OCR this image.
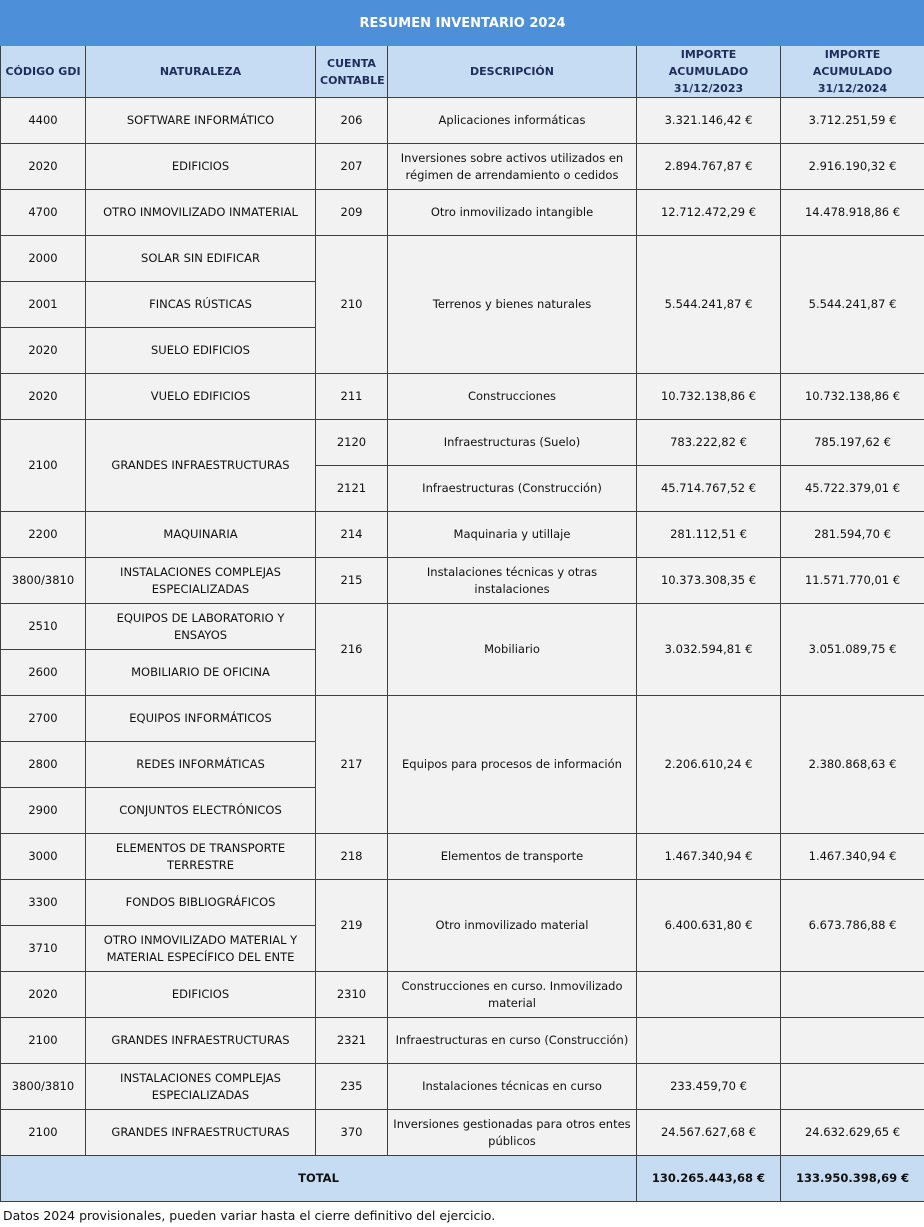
RESUMEN INVENTARIO 2024					
CÓDIGO GDI	NATURALEZA	CUENTA CONTABLE	DESCRIPCIÓN	IMPORTE ACUMULADO 31/12/2023	IMPORTE ACUMULADO 31/12/2024
4400	SOFTWARE INFORMÁTICO	206	Aplicaciones informáticas	3.321.146,42 €	3.712.251,59 €
2020	EDIFICIOS	207	Inversiones sobre activos utilizados en régimen de arrendamiento o cedidos	2.894.767,87 €	2.916.190,32 €
4700	OTRO INMOVILIZADO INMATERIAL	209	Otro inmovilizado intangible	12.712.472,29 €	14.478.918,86 €
2000	SOLAR SIN EDIFICAR	210	Terrenos y bienes naturales	5.544.241,87 €	5.544.241,87 €
2001	FINCAS RÚSTICAS				
2020	SUELO EDIFICIOS				
2020	VUELO EDIFICIOS	211	Construcciones	10.732.138,86 €	10.732.138,86 €
2100	GRANDES INFRAESTRUCTURAS	2120	Infraestructuras (Suelo)	783.222,82 €	785.197,62 €
		2121	Infraestructuras (Construcción)	45.714.767,52 €	45.722.379,01 €
2200	MAQUINARIA	214	Maquinaria y utillaje	281.112,51 €	281.594,70 €
3800/3810	INSTALACIONES COMPLEJAS ESPECIALIZADAS	215	Instalaciones técnicas y otras instalaciones	10.373.308,35 €	11.571.770,01 €
2510	EQUIPOS DE LABORATORIO Y ENSAYOS	216	Mobiliario	3.032.594,81 €	3.051.089,75 €
2600	MOBILIARIO DE OFICINA				
2700	EQUIPOS INFORMÁTICOS	217	Equipos para procesos de información	2.206.610,24 €	2.380.868,63 €
2800	REDES INFORMÁTICAS				
2900	CONJUNTOS ELECTRÓNICOS				
3000	ELEMENTOS DE TRANSPORTE TERRESTRE	218	Elementos de transporte	1.467.340,94 €	1.467.340,94 €
3300	FONDOS BIBLIOGRÁFICOS	219	Otro inmovilizado material	6.400.631,80 €	6.673.786,88 €
3710	OTRO INMOVILIZADO MATERIAL Y MATERIAL ESPECÍFICO DEL ENTE				
2020	EDIFICIOS	2310	Construcciones en curso. Inmovilizado material		
2100	GRANDES INFRAESTRUCTURAS	2321	Infraestructuras en curso (Construcción)		
3800/3810	INSTALACIONES COMPLEJAS ESPECIALIZADAS	235	Instalaciones técnicas en curso	233.459,70 €	
2100	GRANDES INFRAESTRUCTURAS	370	Inversiones gestionadas para otros entes públicos	24.567.627,68 €	24.632.629,65 €
TOTAL				130.265.443,68 €	133.950.398,69 €
Datos 2024 provisionales, pueden variar hasta el cierre definitivo del ejercicio.
